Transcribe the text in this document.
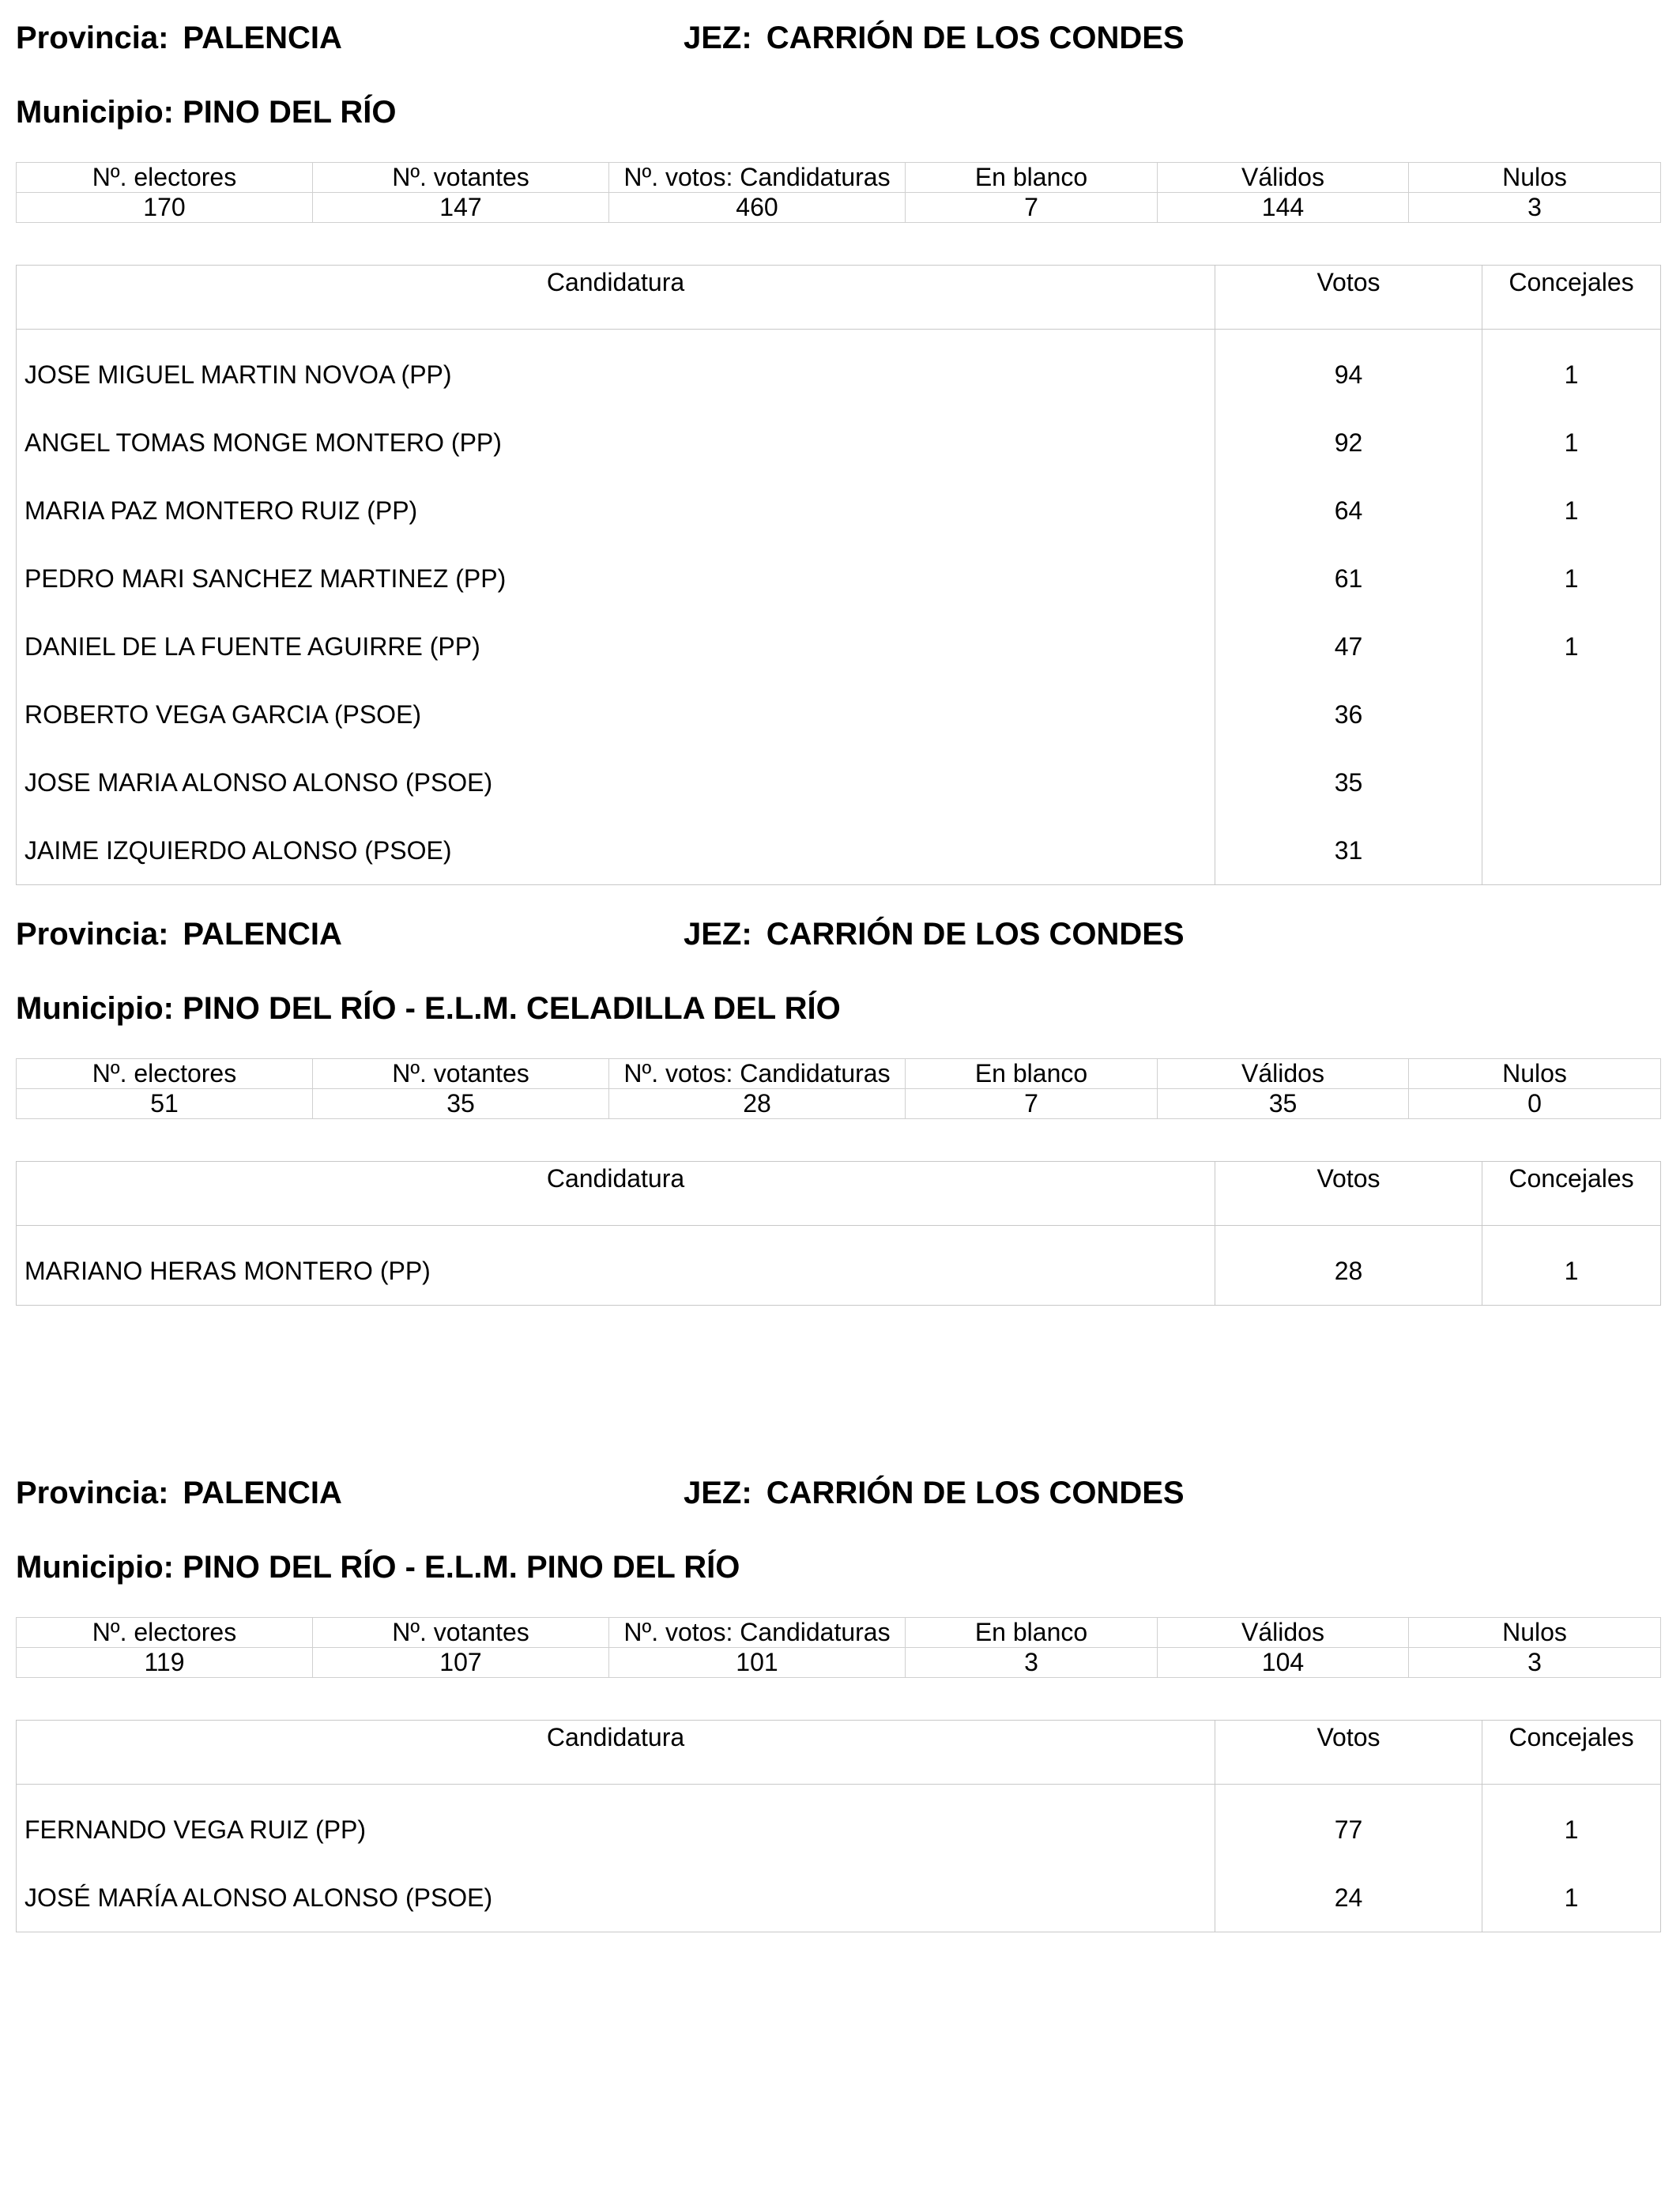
Provincia: PALENCIA	JEZ: CARRIÓN DE LOS CONDES
Municipio: PINO DEL RÍO
Nº. electores	Nº. votantes	Nº. votos: Candidaturas	En blanco	Válidos	Nulos
170	147	460	7	144	3
Candidatura	Votos	Concejales
JOSE MIGUEL MARTIN NOVOA (PP)	94	1
ANGEL TOMAS MONGE MONTERO (PP)	92	1
MARIA PAZ MONTERO RUIZ (PP)	64	1
PEDRO MARI SANCHEZ MARTINEZ (PP)	61	1
DANIEL DE LA FUENTE AGUIRRE (PP)	47	1
ROBERTO VEGA GARCIA (PSOE)	36	
JOSE MARIA ALONSO ALONSO (PSOE)	35	
JAIME IZQUIERDO ALONSO (PSOE)	31	
Provincia: PALENCIA	JEZ: CARRIÓN DE LOS CONDES
Municipio: PINO DEL RÍO - E.L.M. CELADILLA DEL RÍO
Nº. electores	Nº. votantes	Nº. votos: Candidaturas	En blanco	Válidos	Nulos
51	35	28	7	35	0
Candidatura	Votos	Concejales
MARIANO HERAS MONTERO (PP)	28	1
Provincia: PALENCIA	JEZ: CARRIÓN DE LOS CONDES
Municipio: PINO DEL RÍO - E.L.M. PINO DEL RÍO
Nº. electores	Nº. votantes	Nº. votos: Candidaturas	En blanco	Válidos	Nulos
119	107	101	3	104	3
Candidatura	Votos	Concejales
FERNANDO VEGA RUIZ (PP)	77	1
JOSÉ MARÍA ALONSO ALONSO (PSOE)	24	1
